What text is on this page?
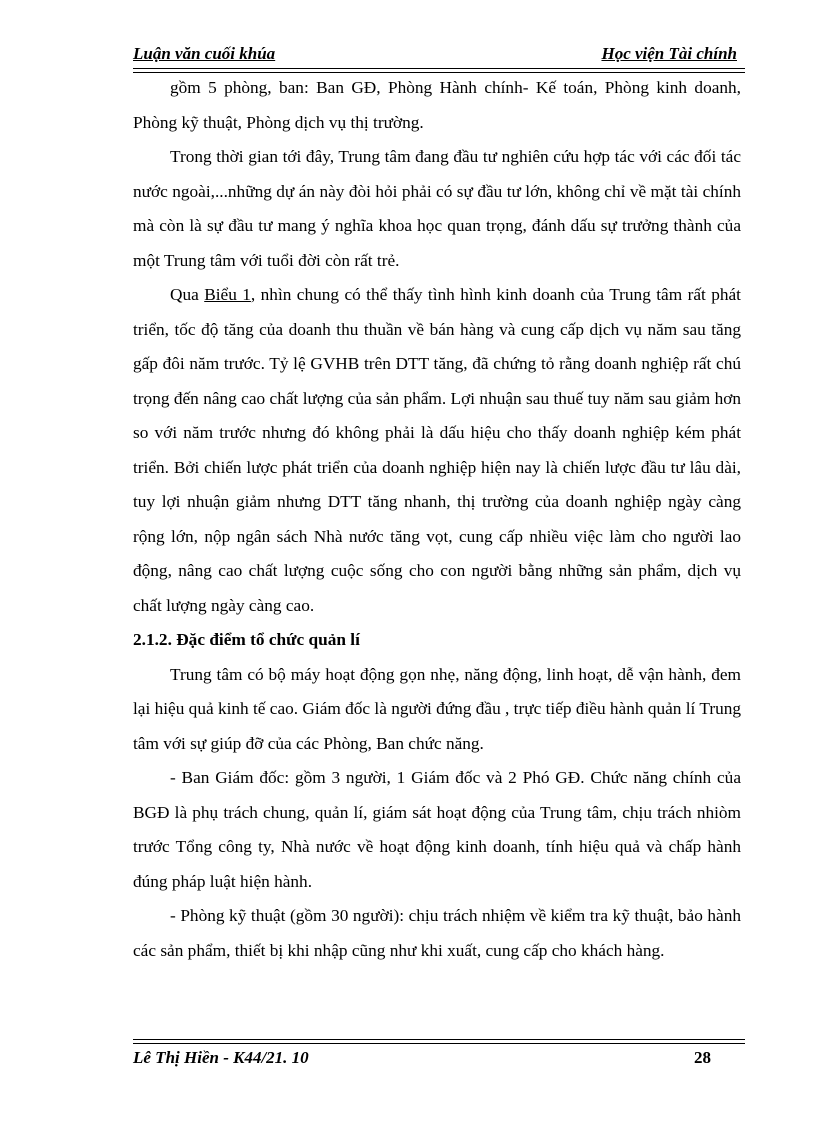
Luận văn cuối khúa	Học viện Tài chính

gồm 5 phòng, ban: Ban GĐ, Phòng Hành chính- Kế toán, Phòng kinh doanh, Phòng kỹ thuật, Phòng dịch vụ thị trường.

Trong thời gian tới đây, Trung tâm đang đầu tư nghiên cứu hợp tác với các đối tác nước ngoài,...những dự án này đòi hỏi phải có sự đầu tư lớn, không chỉ về mặt tài chính mà còn là sự đầu tư mang ý nghĩa khoa học quan trọng, đánh dấu sự trưởng thành của một Trung tâm với tuổi đời còn rất trẻ.

Qua Biểu 1, nhìn chung có thể thấy tình hình kinh doanh của Trung tâm rất phát triển, tốc độ tăng của doanh thu thuần về bán hàng và cung cấp dịch vụ năm sau tăng gấp đôi năm trước. Tỷ lệ GVHB trên DTT tăng, đã chứng tỏ rằng doanh nghiệp rất chú trọng đến nâng cao chất lượng của sản phẩm. Lợi nhuận sau thuế tuy năm sau giảm hơn so với năm trước nhưng đó không phải là dấu hiệu cho thấy doanh nghiệp kém phát triển. Bởi chiến lược phát triển của doanh nghiệp hiện nay là chiến lược đầu tư lâu dài, tuy lợi nhuận giảm nhưng DTT tăng nhanh, thị trường của doanh nghiệp ngày càng rộng lớn, nộp ngân sách Nhà nước tăng vọt, cung cấp nhiều việc làm cho người lao động, nâng cao chất lượng cuộc sống cho con người bằng những sản phẩm, dịch vụ chất lượng ngày càng cao.

2.1.2. Đặc điểm tổ chức quản lí

Trung tâm có bộ máy hoạt động gọn nhẹ, năng động, linh hoạt, dễ vận hành, đem lại hiệu quả kinh tế cao. Giám đốc là người đứng đầu , trực tiếp điều hành quản lí Trung tâm với sự giúp đỡ của các Phòng, Ban chức năng.

- Ban Giám đốc: gồm 3 người, 1 Giám đốc và 2 Phó GĐ. Chức năng chính của BGĐ là phụ trách chung, quản lí, giám sát hoạt động của Trung tâm, chịu trách nhiòm trước Tổng công ty, Nhà nước về hoạt động kinh doanh, tính hiệu quả và chấp hành đúng pháp luật hiện hành.

- Phòng kỹ thuật (gồm 30 người): chịu trách nhiệm về kiểm tra kỹ thuật, bảo hành các sản phẩm, thiết bị khi nhập cũng như khi xuất, cung cấp cho khách hàng.

Lê Thị Hiền - K44/21. 10	28
